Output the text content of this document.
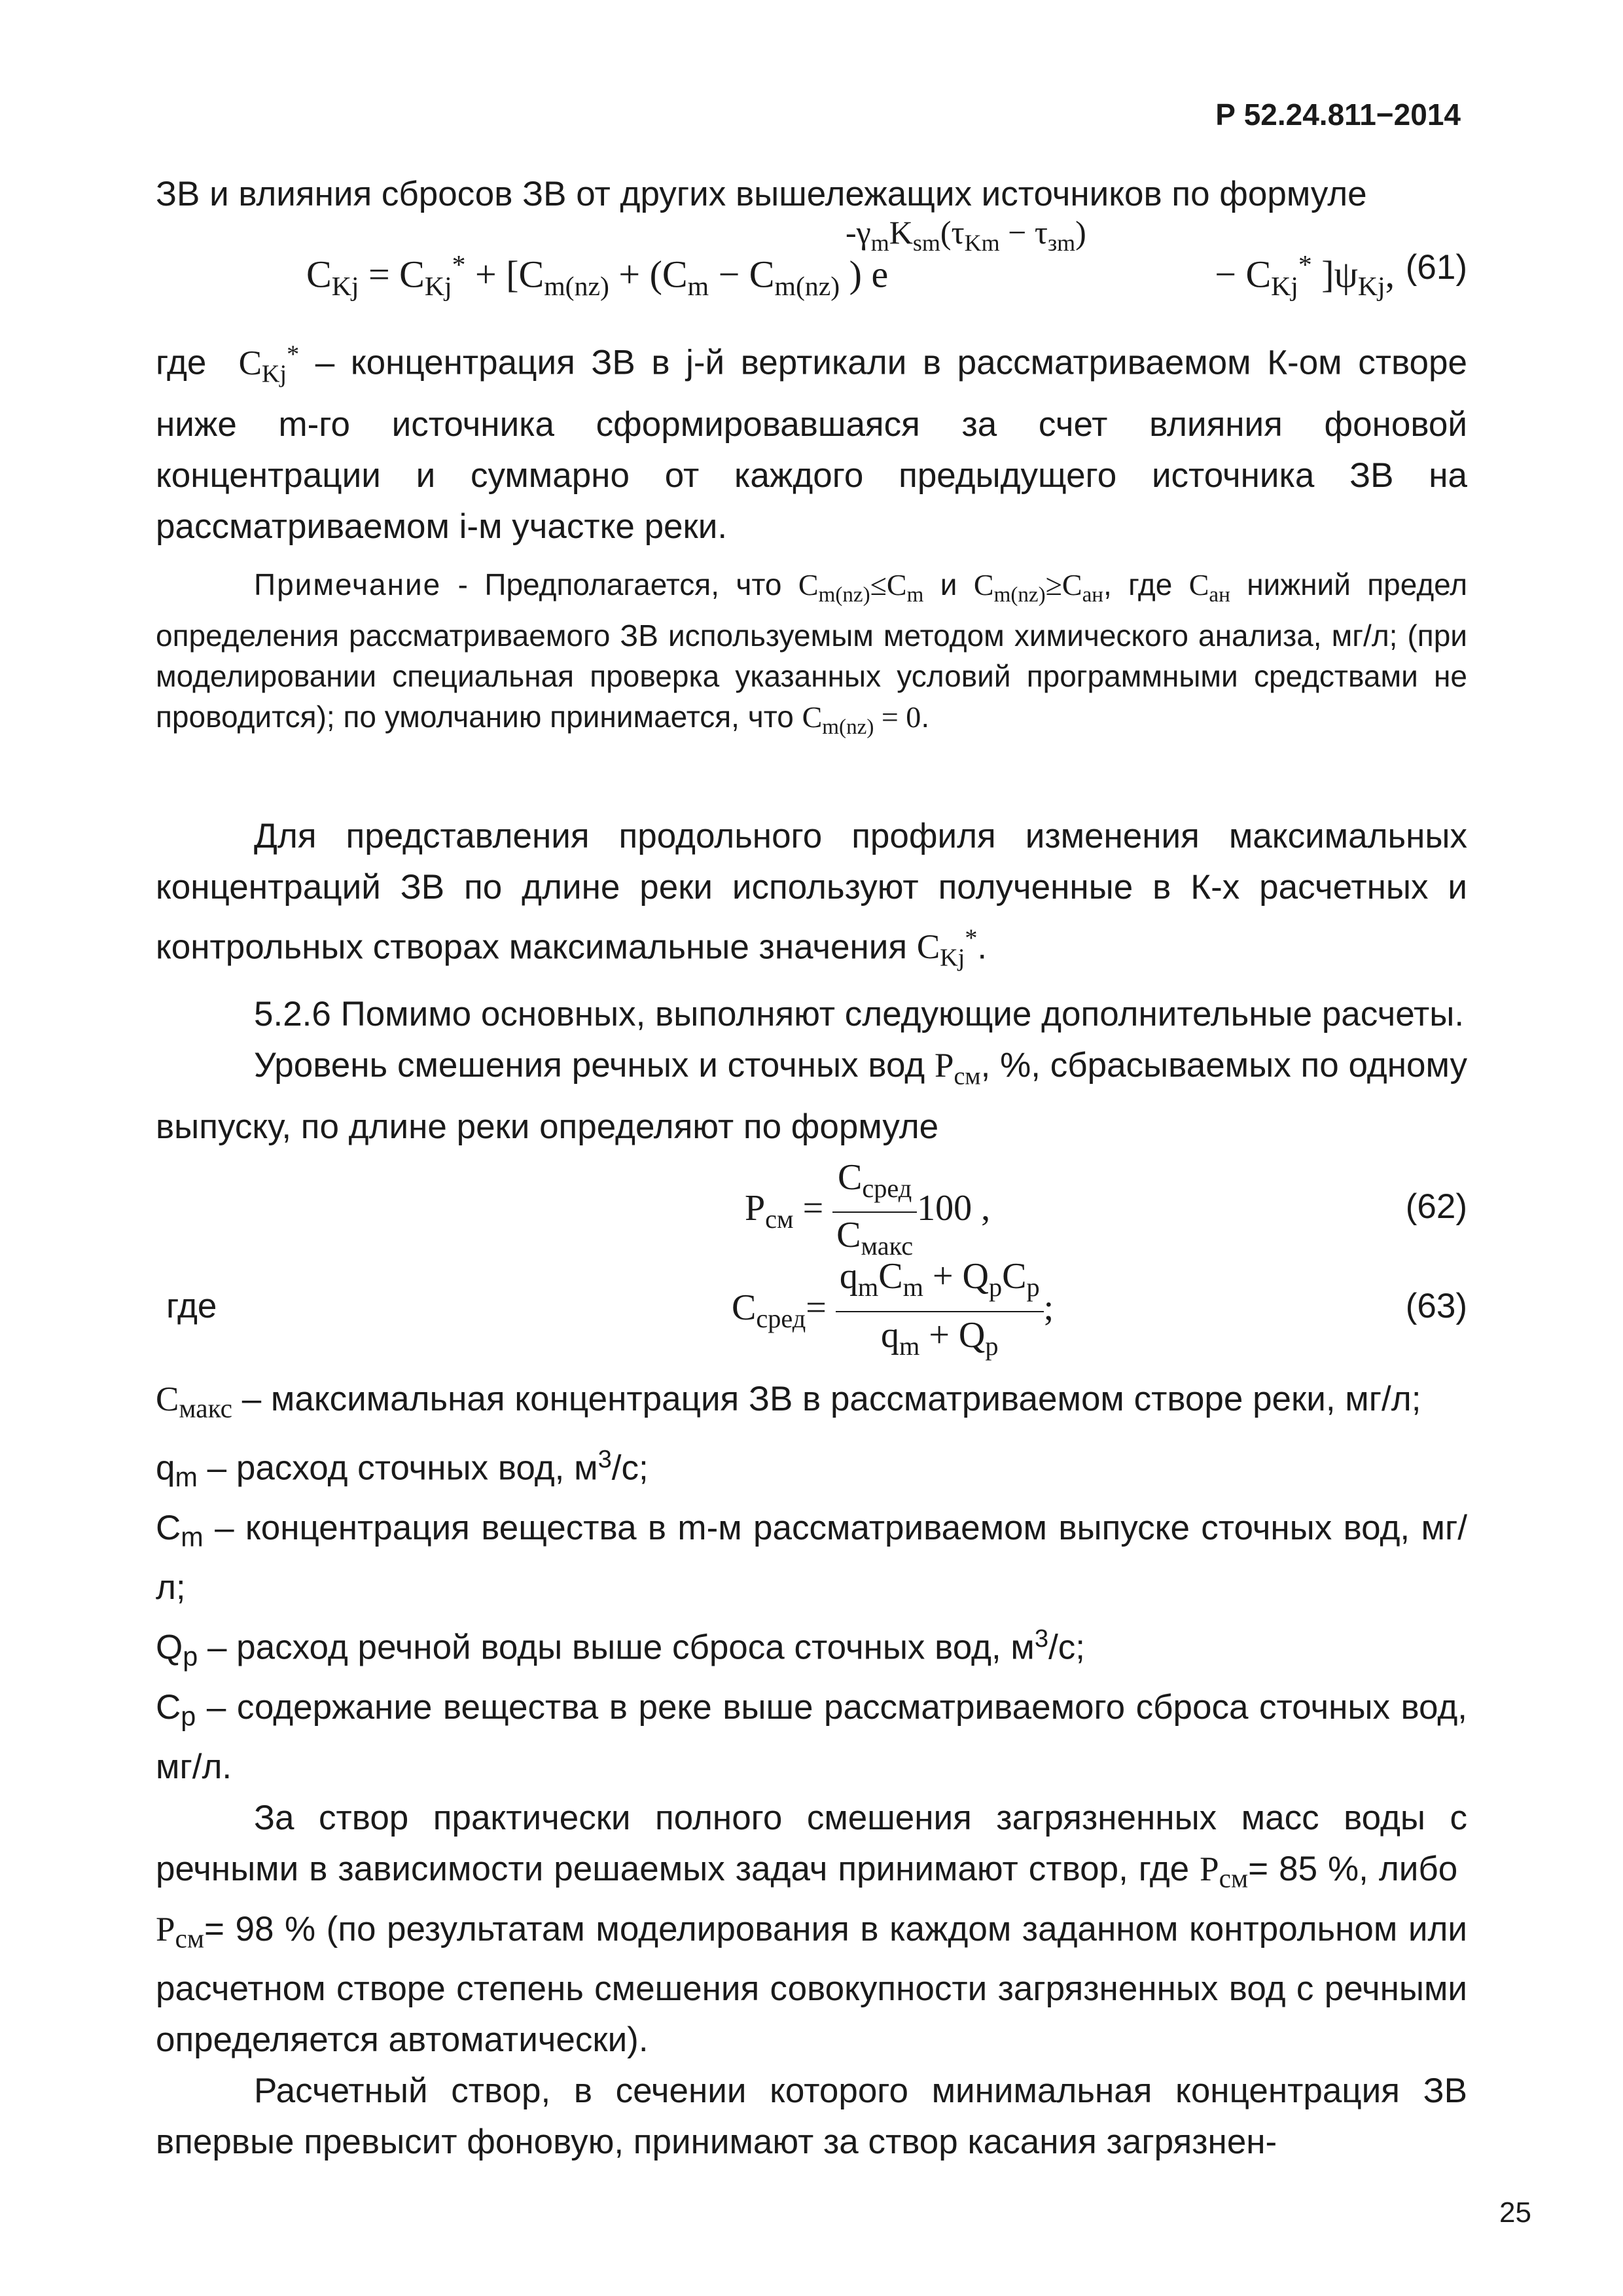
Р 52.24.811−2014

ЗВ и влияния сбросов ЗВ от других вышележащих источников по формуле

$C_{Kj} = C_{Kj}^* + [C_{m(nz)} + (C_m - C_{m(nz)}$ ) e	− $C_{Kj}^*$ ]$\psi_{Kj}$,
$-\gamma_mK_{sm}(\tau_{Km} - \tau_{зm})$
(61)

где $C_{Kj}^*$ – концентрация ЗВ в j-й вертикали в рассматриваемом К-ом створе ниже m-го источника сформировавшаяся за счет влияния фоновой концентрации и суммарно от каждого предыдущего источника ЗВ на рассматриваемом i-м участке реки.

Примечание - Предполагается, что $C_{m(nz)}\le C_m$ и $C_{m(nz)}\ge C_{ан}$, где $C_{ан}$ нижний предел определения рассматриваемого ЗВ используемым методом химического анализа, мг/л; (при моделировании специальная проверка указанных условий программными средствами не проводится); по умолчанию принимается, что $C_{m(nz)} = 0$.

Для представления продольного профиля изменения максимальных концентраций ЗВ по длине реки используют полученные в К-х расчетных и контрольных створах максимальные значения $C_{Kj}^*$.

5.2.6 Помимо основных, выполняют следующие дополнительные расчеты.

Уровень смешения речных и сточных вод $P_{см}$, %, сбрасываемых по одному выпуску, по длине реки определяют по формуле

$P_{см} = \frac{C_{сред}}{C_{макс}} 100$ ,	(62)
где	$C_{сред}= \frac{q_mC_m + Q_pC_p}{q_m + Q_p}$ ;	(63)

Cмакс – максимальная концентрация ЗВ в рассматриваемом створе реки, мг/л;

qm – расход сточных вод, $м^3/с$;

Cm – концентрация вещества в m-м рассматриваемом выпуске сточных вод, мг/л;

Qp – расход речной воды выше сброса сточных вод, $м^3/с$;

Cp – содержание вещества в реке выше рассматриваемого сброса сточных вод, мг/л.

За створ практически полного смешения загрязненных масс воды с речными в зависимости решаемых задач принимают створ, где Pсм= 85 %, либо  Pсм= 98 % (по результатам моделирования в каждом заданном контрольном или расчетном створе степень смешения совокупности загрязненных вод с речными определяется автоматически).

Расчетный створ, в сечении которого минимальная концентрация ЗВ впервые превысит фоновую, принимают за створ касания загрязнен-

25
